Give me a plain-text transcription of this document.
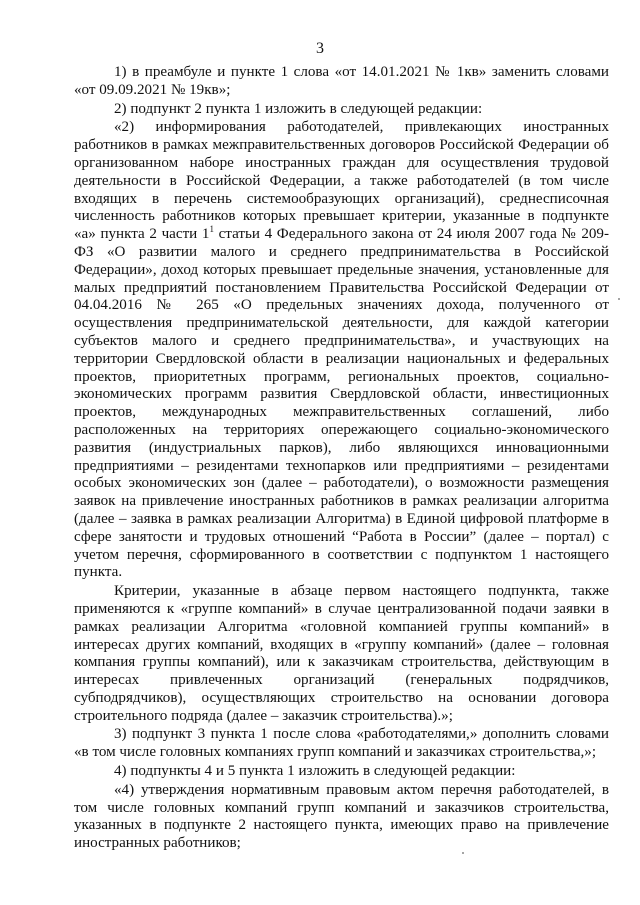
3

1) в преамбуле и пункте 1 слова «от 14.01.2021 № 1кв» заменить словами «от 09.09.2021 № 19кв»;

2) подпункт 2 пункта 1 изложить в следующей редакции:

«2) информирования работодателей, привлекающих иностранных работников в рамках межправительственных договоров Российской Федерации об организованном наборе иностранных граждан для осуществления трудовой деятельности в Российской Федерации, а также работодателей (в том числе входящих в перечень системообразующих организаций), среднесписочная численность работников которых превышает критерии, указанные в подпункте «а» пункта 2 части $1^1$ статьи 4 Федерального закона от 24 июля 2007 года № 209-ФЗ «О развитии малого и среднего предпринимательства в Российской Федерации», доход которых превышает предельные значения, установленные для малых предприятий постановлением Правительства Российской Федерации от 04.04.2016 № 265 «О предельных значениях дохода, полученного от осуществления предпринимательской деятельности, для каждой категории субъектов малого и среднего предпринимательства», и участвующих на территории Свердловской области в реализации национальных и федеральных проектов, приоритетных программ, региональных проектов, социально-экономических программ развития Свердловской области, инвестиционных проектов, международных межправительственных соглашений, либо расположенных на территориях опережающего социально-экономического развития (индустриальных парков), либо являющихся инновационными предприятиями – резидентами технопарков или предприятиями – резидентами особых экономических зон (далее – работодатели), о возможности размещения заявок на привлечение иностранных работников в рамках реализации алгоритма (далее – заявка в рамках реализации Алгоритма) в Единой цифровой платформе в сфере занятости и трудовых отношений “Работа в России” (далее – портал) с учетом перечня, сформированного в соответствии с подпунктом 1 настоящего пункта.

Критерии, указанные в абзаце первом настоящего подпункта, также применяются к «группе компаний» в случае централизованной подачи заявки в рамках реализации Алгоритма «головной компанией группы компаний» в интересах других компаний, входящих в «группу компаний» (далее – головная компания группы компаний), или к заказчикам строительства, действующим в интересах привлеченных организаций (генеральных подрядчиков, субподрядчиков), осуществляющих строительство на основании договора строительного подряда (далее – заказчик строительства).»;

3) подпункт 3 пункта 1 после слова «работодателями,» дополнить словами «в том числе головных компаниях групп компаний и заказчиках строительства,»;

4) подпункты 4 и 5 пункта 1 изложить в следующей редакции:

«4) утверждения нормативным правовым актом перечня работодателей, в том числе головных компаний групп компаний и заказчиков строительства, указанных в подпункте 2 настоящего пункта, имеющих право на привлечение иностранных работников;
